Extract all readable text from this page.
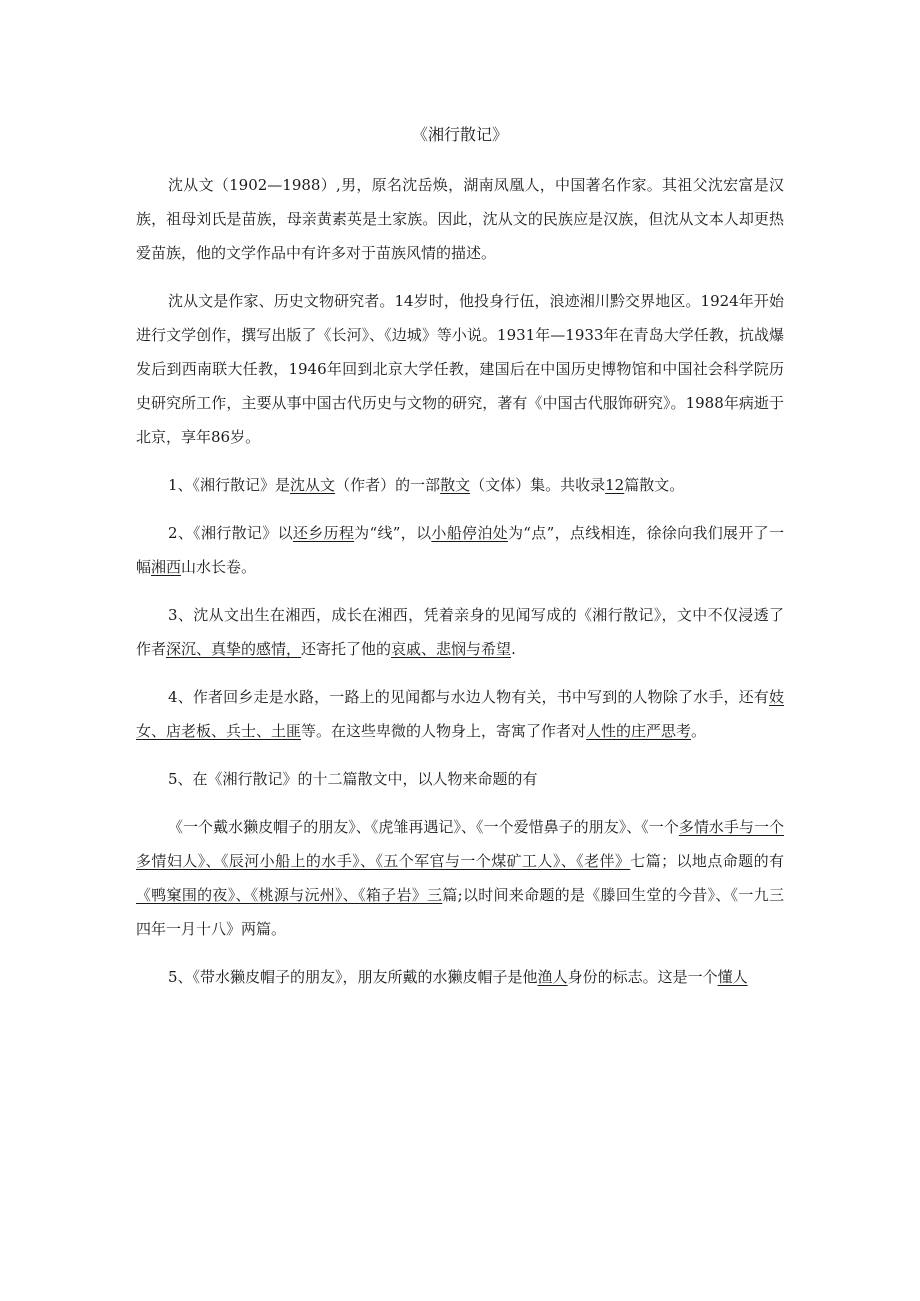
《湘行散记》

沈从文（1902—1988）,男，原名沈岳焕，湖南凤凰人，中国著名作家。其祖父沈宏富是汉族，祖母刘氏是苗族，母亲黄素英是土家族。因此，沈从文的民族应是汉族，但沈从文本人却更热爱苗族，他的文学作品中有许多对于苗族风情的描述。

沈从文是作家、历史文物研究者。14岁时，他投身行伍，浪迹湘川黔交界地区。1924年开始进行文学创作，撰写出版了《长河》、《边城》等小说。1931年—1933年在青岛大学任教，抗战爆发后到西南联大任教，1946年回到北京大学任教，建国后在中国历史博物馆和中国社会科学院历史研究所工作，主要从事中国古代历史与文物的研究，著有《中国古代服饰研究》。1988年病逝于北京，享年86岁。

1、《湘行散记》是沈从文（作者）的一部散文（文体）集。共收录12篇散文。

2、《湘行散记》以还乡历程为“线”，以小船停泊处为“点”，点线相连，徐徐向我们展开了一幅湘西山水长卷。

3、沈从文出生在湘西，成长在湘西，凭着亲身的见闻写成的《湘行散记》，文中不仅浸透了作者深沉、真挚的感情，还寄托了他的哀戚、悲悯与希望.

4、作者回乡走是水路，一路上的见闻都与水边人物有关，书中写到的人物除了水手，还有妓女、店老板、兵士、土匪等。在这些卑微的人物身上，寄寓了作者对人性的庄严思考。

5、在《湘行散记》的十二篇散文中，以人物来命题的有

《一个戴水獭皮帽子的朋友》、《虎雏再遇记》、《一个爱惜鼻子的朋友》、《一个多情水手与一个多情妇人》、《辰河小船上的水手》、《五个军官与一个煤矿工人》、《老伴》七篇；以地点命题的有《鸭窠围的夜》、《桃源与沅州》、《箱子岩》三篇;以时间来命题的是《滕回生堂的今昔》、《一九三四年一月十八》两篇。

5、《带水獭皮帽子的朋友》，朋友所戴的水獭皮帽子是他渔人身份的标志。这是一个懂人
